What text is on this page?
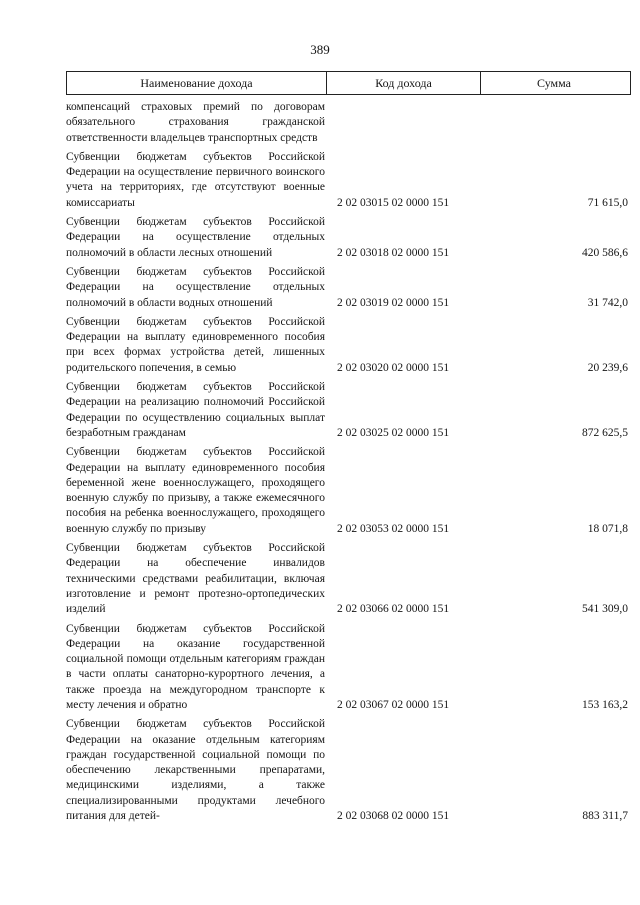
389
Наименование дохода	Код дохода	Сумма
компенсаций страховых премий по договорам обязательного страхования гражданской ответственности владельцев транспортных средств
Субвенции бюджетам субъектов Российской Федерации на осуществление первичного воинского учета на территориях, где отсутствуют военные комиссариаты	2 02 03015 02 0000 151	71 615,0
Субвенции бюджетам субъектов Российской Федерации на осуществление отдельных полномочий в области лесных отношений	2 02 03018 02 0000 151	420 586,6
Субвенции бюджетам субъектов Российской Федерации на осуществление отдельных полномочий в области водных отношений	2 02 03019 02 0000 151	31 742,0
Субвенции бюджетам субъектов Российской Федерации на выплату единовременного пособия при всех формах устройства детей, лишенных родительского попечения, в семью	2 02 03020 02 0000 151	20 239,6
Субвенции бюджетам субъектов Российской Федерации на реализацию полномочий Российской Федерации по осуществлению социальных выплат безработным гражданам	2 02 03025 02 0000 151	872 625,5
Субвенции бюджетам субъектов Российской Федерации на выплату единовременного пособия беременной жене военнослужащего, проходящего военную службу по призыву, а также ежемесячного пособия на ребенка военнослужащего, проходящего военную службу по призыву	2 02 03053 02 0000 151	18 071,8
Субвенции бюджетам субъектов Российской Федерации на обеспечение инвалидов техническими средствами реабилитации, включая изготовление и ремонт протезно-ортопедических изделий	2 02 03066 02 0000 151	541 309,0
Субвенции бюджетам субъектов Российской Федерации на оказание государственной социальной помощи отдельным категориям граждан в части оплаты санаторно-курортного лечения, а также проезда на междугородном транспорте к месту лечения и обратно	2 02 03067 02 0000 151	153 163,2
Субвенции бюджетам субъектов Российской Федерации на оказание отдельным категориям граждан государственной социальной помощи по обеспечению лекарственными препаратами, медицинскими изделиями, а также специализированными продуктами лечебного питания для детей-	2 02 03068 02 0000 151	883 311,7
